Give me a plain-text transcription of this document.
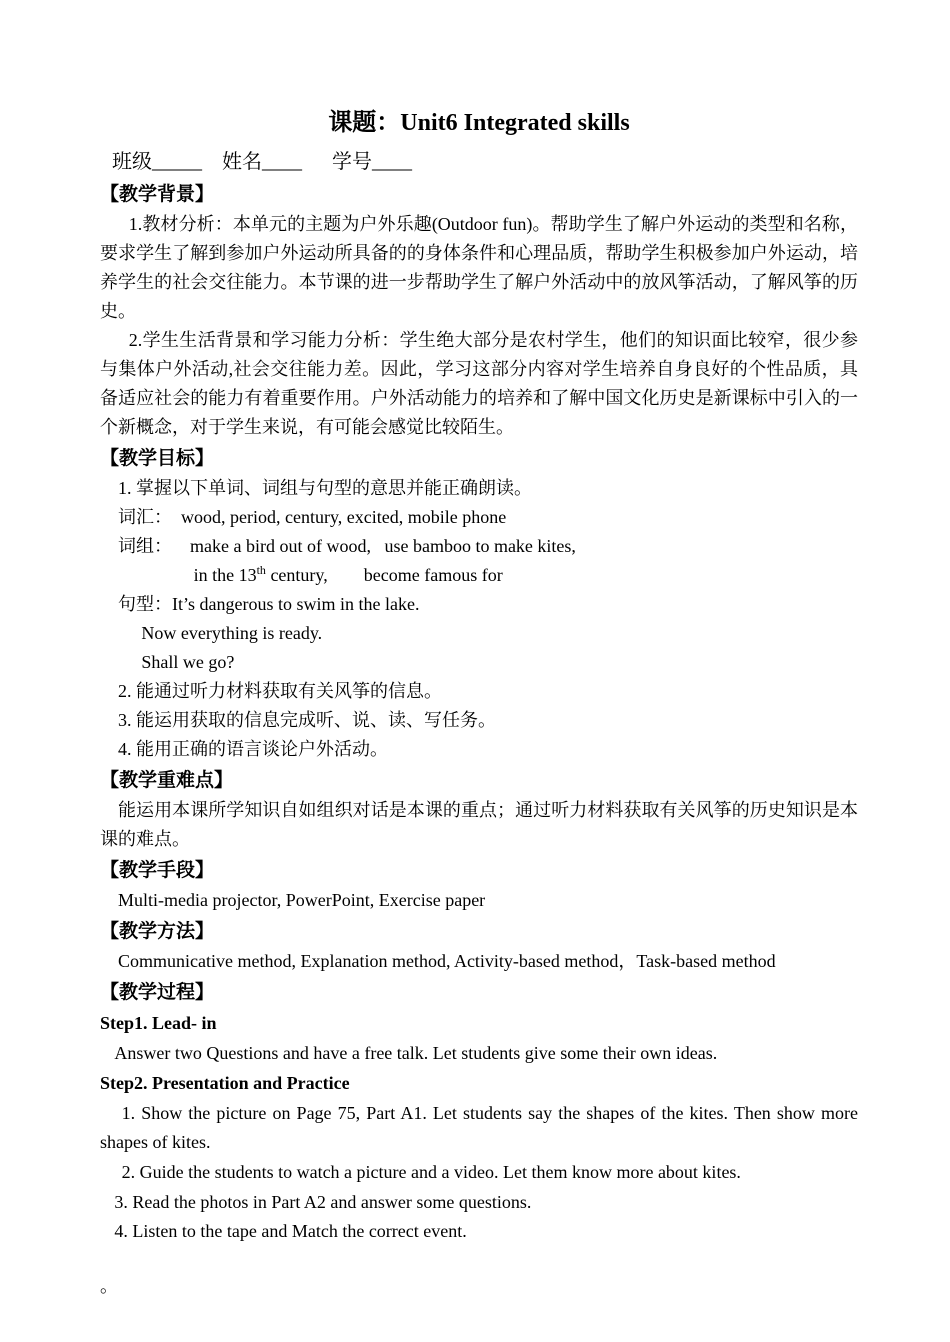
课题：Unit6 Integrated skills

班级_____    姓名____      学号____

【教学背景】

1.教材分析：本单元的主题为户外乐趣(Outdoor fun)。帮助学生了解户外运动的类型和名称，要求学生了解到参加户外运动所具备的的身体条件和心理品质，帮助学生积极参加户外运动，培养学生的社会交往能力。本节课的进一步帮助学生了解户外活动中的放风筝活动，了解风筝的历史。

2.学生生活背景和学习能力分析：学生绝大部分是农村学生，他们的知识面比较窄，很少参与集体户外活动,社会交往能力差。因此，学习这部分内容对学生培养自身良好的个性品质，具备适应社会的能力有着重要作用。户外活动能力的培养和了解中国文化历史是新课标中引入的一个新概念，对于学生来说，有可能会感觉比较陌生。

【教学目标】

1. 掌握以下单词、词组与句型的意思并能正确朗读。

词汇：  wood, period, century, excited, mobile phone

词组：    make a bird out of wood,   use bamboo to make kites,

in the 13th century,        become famous for

句型：It’s dangerous to swim in the lake.

Now everything is ready.

Shall we go?

2. 能通过听力材料获取有关风筝的信息。

3. 能运用获取的信息完成听、说、读、写任务。

4. 能用正确的语言谈论户外活动。

【教学重难点】

能运用本课所学知识自如组织对话是本课的重点；通过听力材料获取有关风筝的历史知识是本课的难点。

【教学手段】

Multi-media projector, PowerPoint, Exercise paper

【教学方法】

Communicative method, Explanation method, Activity-based method，Task-based method

【教学过程】

Step1. Lead- in

Answer two Questions and have a free talk. Let students give some their own ideas.

Step2. Presentation and Practice

1. Show the picture on Page 75, Part A1. Let students say the shapes of the kites. Then show more shapes of kites.

2. Guide the students to watch a picture and a video. Let them know more about kites.

3. Read the photos in Part A2 and answer some questions.

4. Listen to the tape and Match the correct event.

。
